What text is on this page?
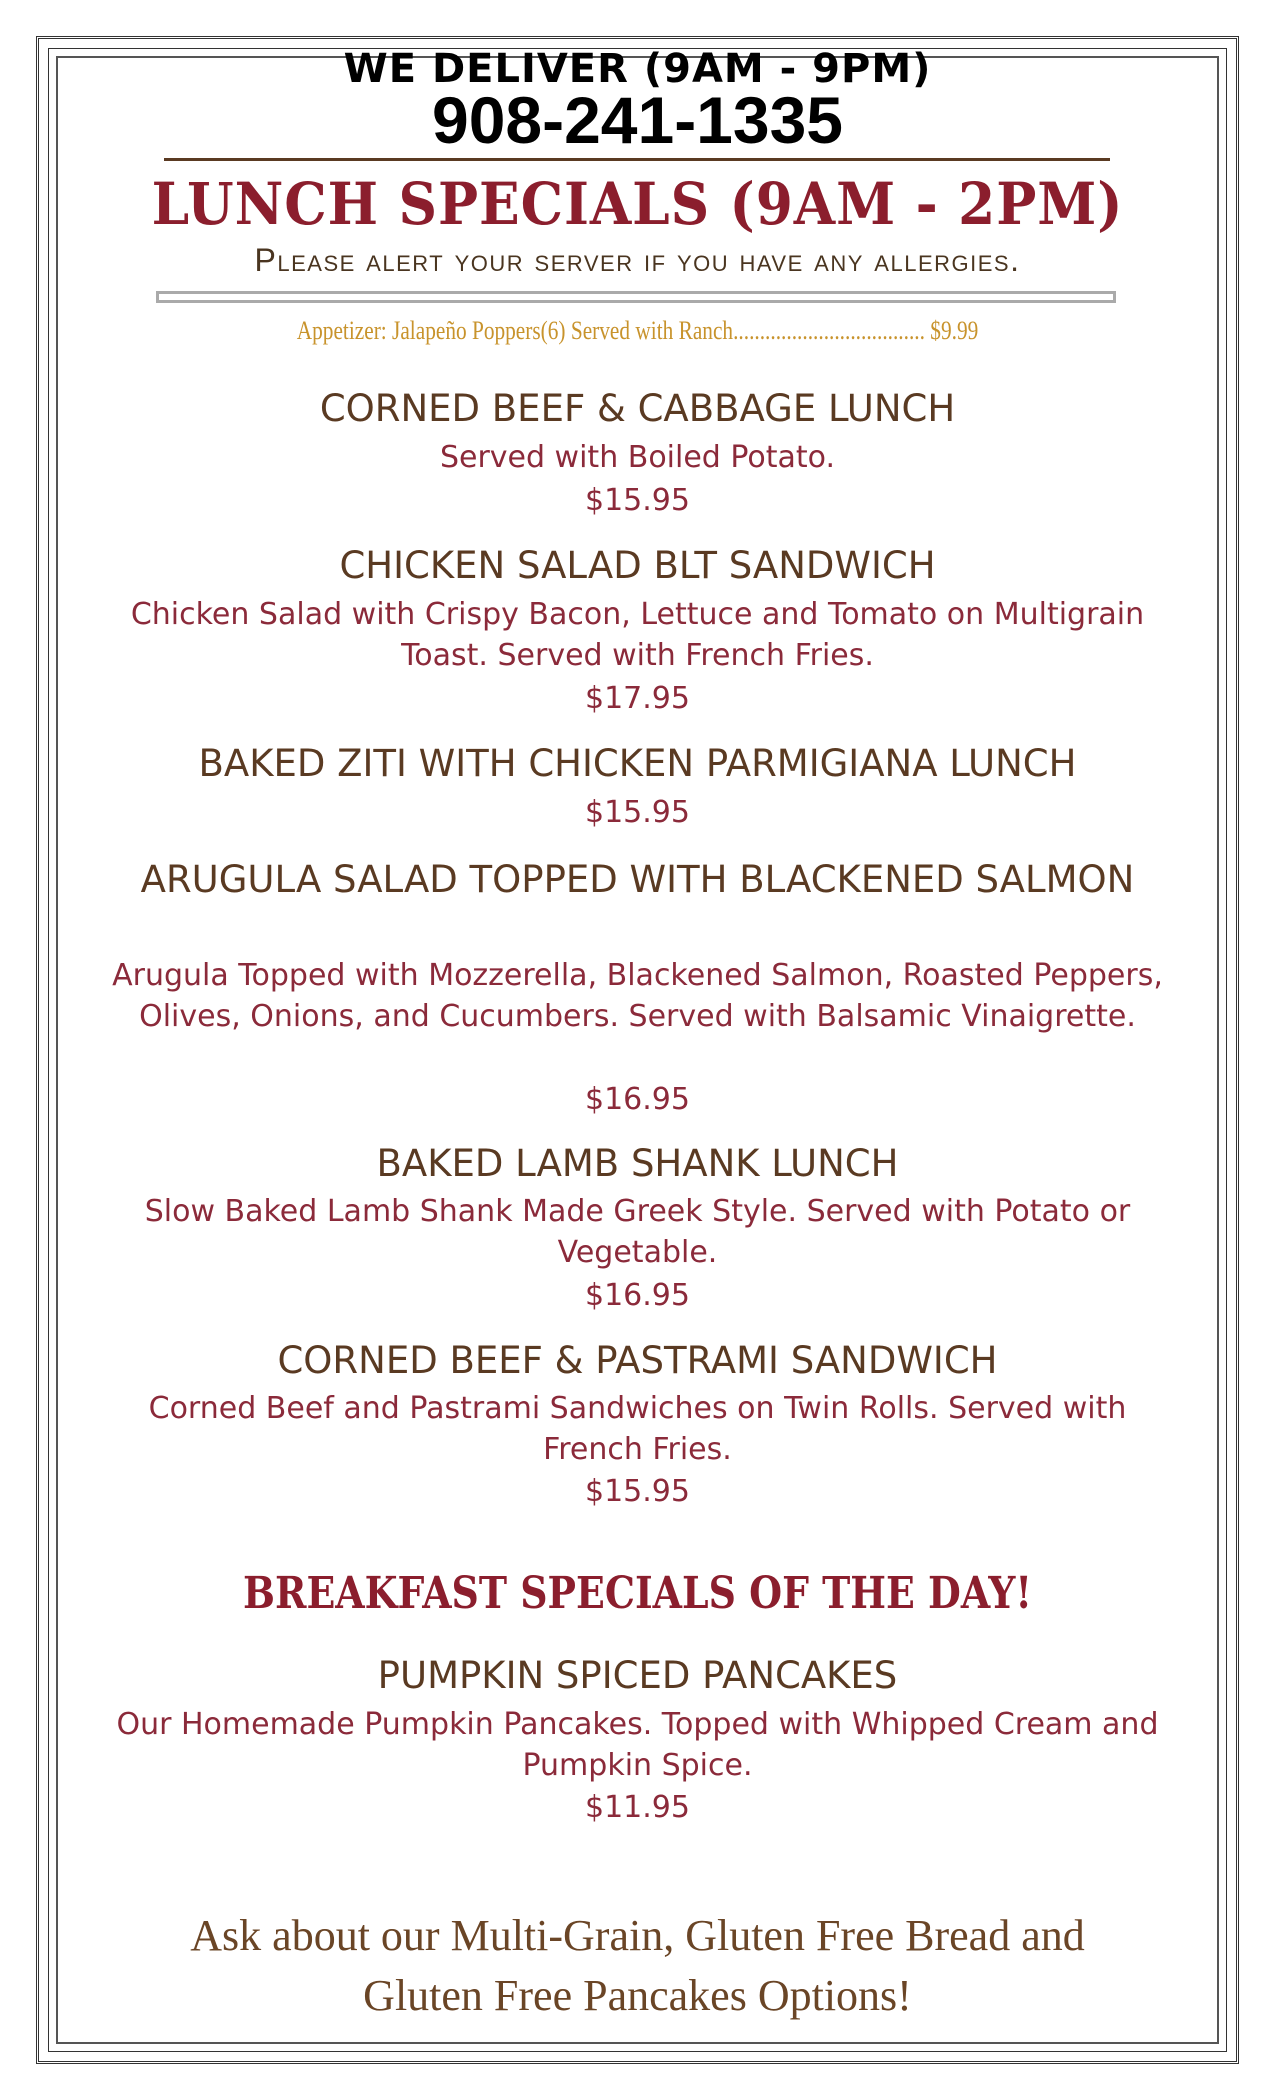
WE DELIVER (9AM - 9PM)
908-241-1335
LUNCH SPECIALS (9AM - 2PM)
Please alert your server if you have any allergies.
Appetizer: Jalapeño Poppers(6) Served with Ranch.................................... $9.99
CORNED BEEF & CABBAGE LUNCH
Served with Boiled Potato.
$15.95
CHICKEN SALAD BLT SANDWICH
Chicken Salad with Crispy Bacon, Lettuce and Tomato on Multigrain Toast. Served with French Fries.
$17.95
BAKED ZITI WITH CHICKEN PARMIGIANA LUNCH
$15.95
ARUGULA SALAD TOPPED WITH BLACKENED SALMON
Arugula Topped with Mozzerella, Blackened Salmon, Roasted Peppers, Olives, Onions, and Cucumbers. Served with Balsamic Vinaigrette.
$16.95
BAKED LAMB SHANK LUNCH
Slow Baked Lamb Shank Made Greek Style. Served with Potato or Vegetable.
$16.95
CORNED BEEF & PASTRAMI SANDWICH
Corned Beef and Pastrami Sandwiches on Twin Rolls. Served with French Fries.
$15.95
BREAKFAST SPECIALS OF THE DAY!
PUMPKIN SPICED PANCAKES
Our Homemade Pumpkin Pancakes. Topped with Whipped Cream and Pumpkin Spice.
$11.95
Ask about our Multi-Grain, Gluten Free Bread and
Gluten Free Pancakes Options!
